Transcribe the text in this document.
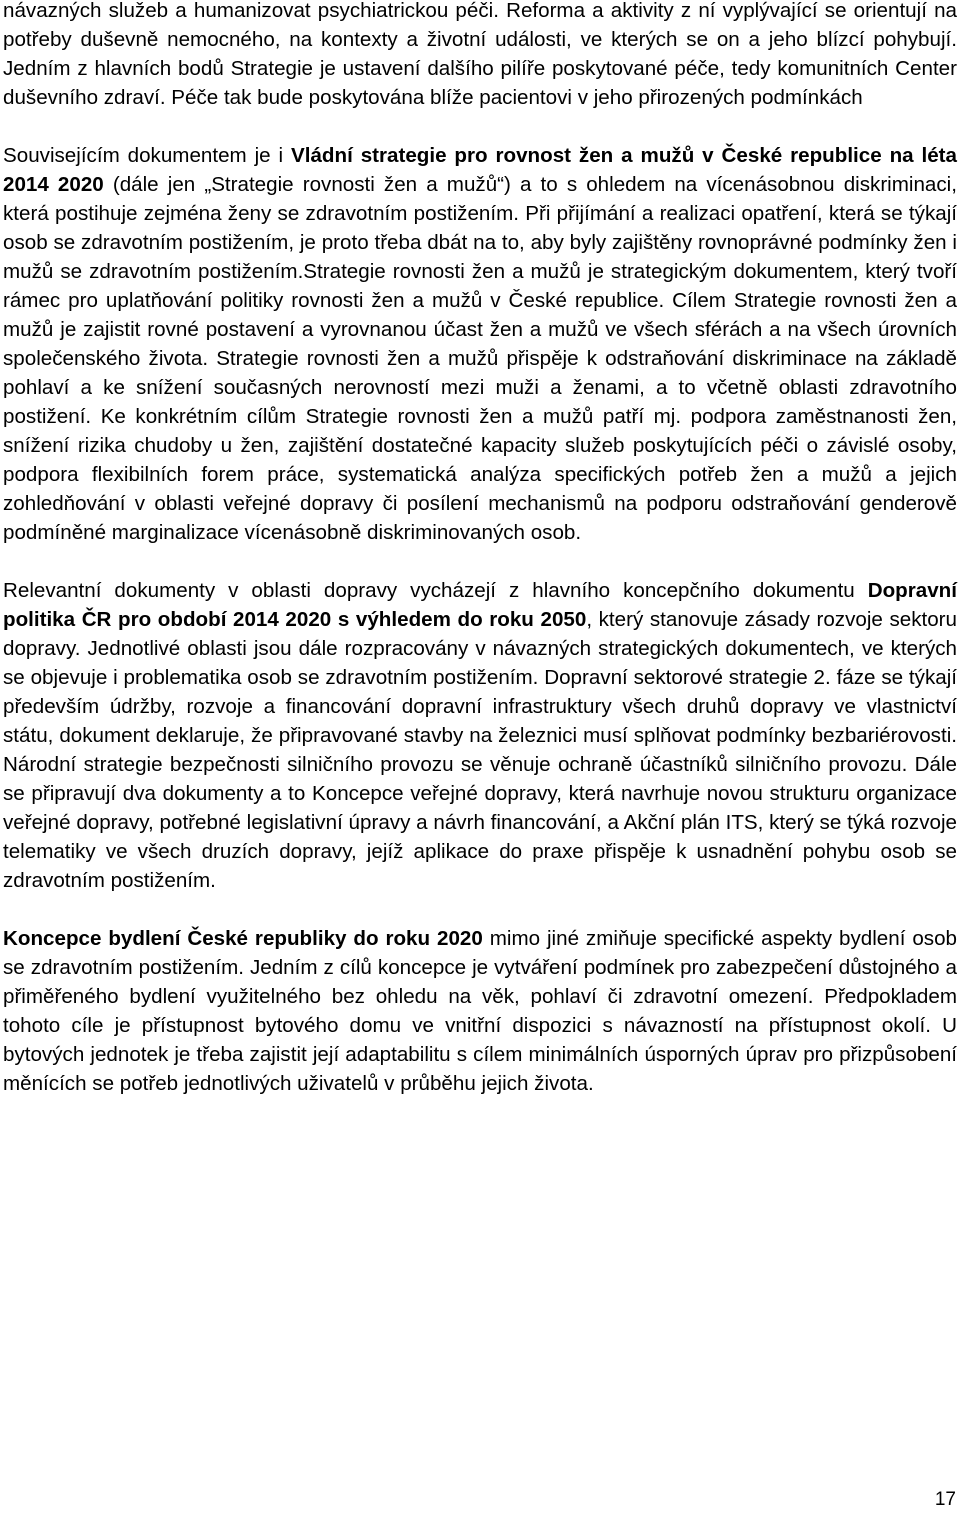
návazných služeb a humanizovat psychiatrickou péči. Reforma a aktivity z ní vyplývající se orientují na potřeby duševně nemocného, na kontexty a životní události, ve kterých se on a jeho blízcí pohybují. Jedním z hlavních bodů Strategie je ustavení dalšího pilíře poskytované péče, tedy komunitních Center duševního zdraví. Péče tak bude poskytována blíže pacientovi v jeho přirozených podmínkách

Souvisejícím dokumentem je i Vládní strategie pro rovnost žen a mužů v České republice na léta 2014 2020 (dále jen „Strategie rovnosti žen a mužů“) a to s ohledem na vícenásobnou diskriminaci, která postihuje zejména ženy se zdravotním postižením. Při přijímání a realizaci opatření, která se týkají osob se zdravotním postižením, je proto třeba dbát na to, aby byly zajištěny rovnoprávné podmínky žen i mužů se zdravotním postižením.Strategie rovnosti žen a mužů je strategickým dokumentem, který tvoří rámec pro uplatňování politiky rovnosti žen a mužů v České republice. Cílem Strategie rovnosti žen a mužů je zajistit rovné postavení a vyrovnanou účast žen a mužů ve všech sférách a na všech úrovních společenského života. Strategie rovnosti žen a mužů přispěje k odstraňování diskriminace na základě pohlaví a ke snížení současných nerovností mezi muži a ženami, a to včetně oblasti zdravotního postižení. Ke konkrétním cílům Strategie rovnosti žen a mužů patří mj. podpora zaměstnanosti žen, snížení rizika chudoby u žen, zajištění dostatečné kapacity služeb poskytujících péči o závislé osoby, podpora flexibilních forem práce, systematická analýza specifických potřeb žen a mužů a jejich zohledňování v oblasti veřejné dopravy či posílení mechanismů na podporu odstraňování genderově podmíněné marginalizace vícenásobně diskriminovaných osob.

Relevantní dokumenty v oblasti dopravy vycházejí z hlavního koncepčního dokumentu Dopravní politika ČR pro období 2014 2020 s výhledem do roku 2050, který stanovuje zásady rozvoje sektoru dopravy. Jednotlivé oblasti jsou dále rozpracovány v návazných strategických dokumentech, ve kterých se objevuje i problematika osob se zdravotním postižením. Dopravní sektorové strategie 2. fáze se týkají především údržby, rozvoje a financování dopravní infrastruktury všech druhů dopravy ve vlastnictví státu, dokument deklaruje, že připravované stavby na železnici musí splňovat podmínky bezbariérovosti. Národní strategie bezpečnosti silničního provozu se věnuje ochraně účastníků silničního provozu. Dále se připravují dva dokumenty a to Koncepce veřejné dopravy, která navrhuje novou strukturu organizace veřejné dopravy, potřebné legislativní úpravy a návrh financování, a Akční plán ITS, který se týká rozvoje telematiky ve všech druzích dopravy, jejíž aplikace do praxe přispěje k usnadnění pohybu osob se zdravotním postižením.

Koncepce bydlení České republiky do roku 2020 mimo jiné zmiňuje specifické aspekty bydlení osob se zdravotním postižením. Jedním z cílů koncepce je vytváření podmínek pro zabezpečení důstojného a přiměřeného bydlení využitelného bez ohledu na věk, pohlaví či zdravotní omezení. Předpokladem tohoto cíle je přístupnost bytového domu ve vnitřní dispozici s návazností na přístupnost okolí. U bytových jednotek je třeba zajistit její adaptabilitu s cílem minimálních úsporných úprav pro přizpůsobení měnících se potřeb jednotlivých uživatelů v průběhu jejich života.

17
